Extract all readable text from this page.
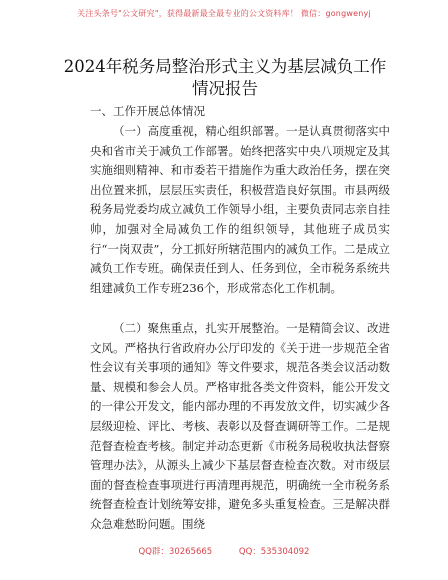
关注头条号"公文研究"，获得最新最全最专业的公文资料库！ 微信：gongwenyj
2024年税务局整治形式主义为基层减负工作情况报告
一、工作开展总体情况

（一）高度重视，精心组织部署。一是认真贯彻落实中央和省市关于减负工作部署。始终把落实中央八项规定及其实施细则精神、和市委若干措施作为重大政治任务，摆在突出位置来抓，层层压实责任，积极营造良好氛围。市县两级税务局党委均成立减负工作领导小组，主要负责同志亲自挂帅，加强对全局减负工作的组织领导，其他班子成员实行“一岗双责”，分工抓好所辖范围内的减负工作。二是成立减负工作专班。确保责任到人、任务到位，全市税务系统共组建减负工作专班236个，形成常态化工作机制。

（二）聚焦重点，扎实开展整治。一是精简会议、改进文风。严格执行省政府办公厅印发的《关于进一步规范全省性会议有关事项的通知》等文件要求，规范各类会议活动数量、规模和参会人员。严格审批各类文件资料，能公开发文的一律公开发文，能内部办理的不再发放文件，切实减少各层级迎检、评比、考核、表彰以及督查调研等工作。二是规范督查检查考核。制定并动态更新《市税务局税收执法督察管理办法》，从源头上减少下基层督查检查次数。对市级层面的督查检查事项进行再清理再规范，明确统一全市税务系统督查检查计划统筹安排，避免多头重复检查。三是解决群众急难愁盼问题。围绕

QQ群：30265665	QQ：535304092
